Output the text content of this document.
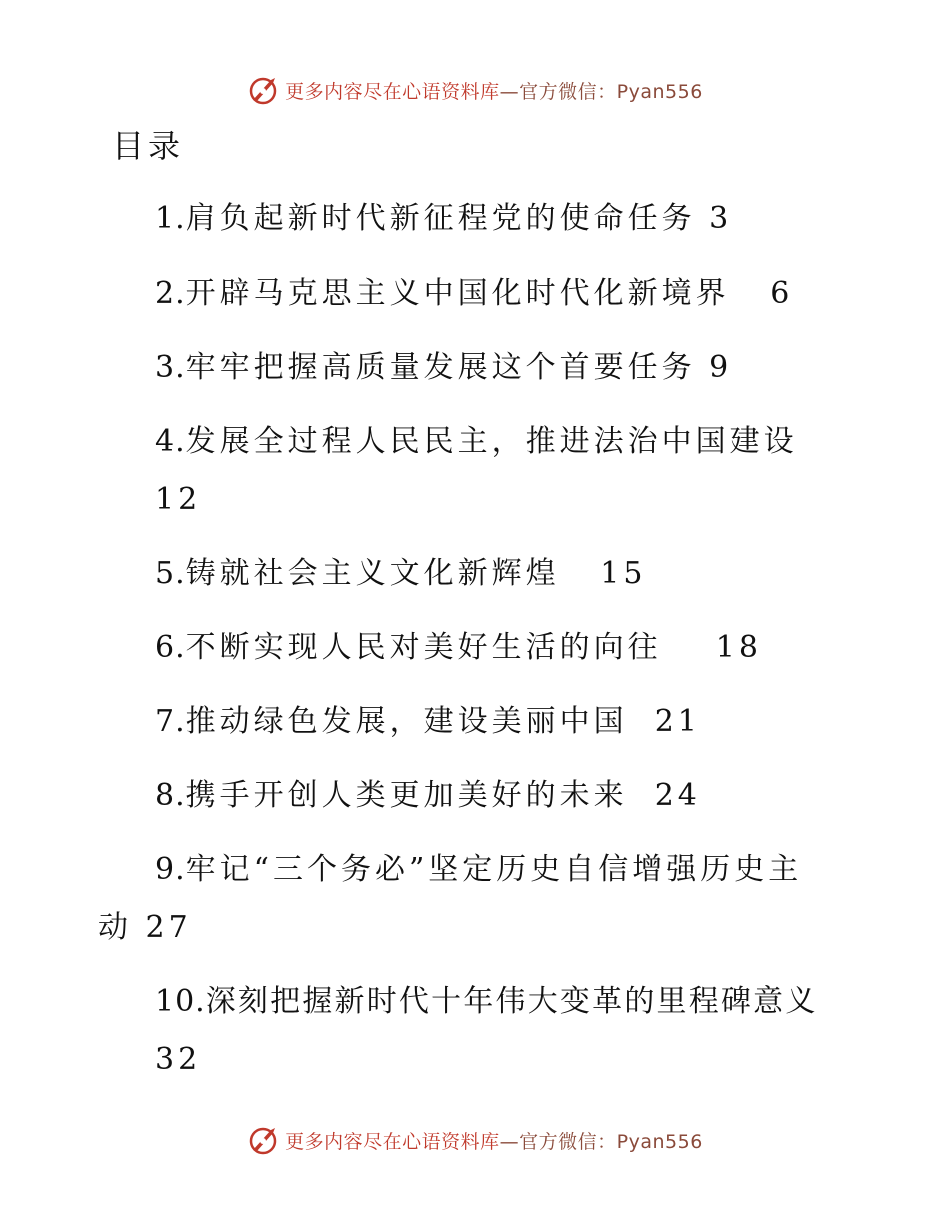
更多内容尽在心语资料库—官方微信：Pyan556
目录
1.肩负起新时代新征程党的使命任务 3
2.开辟马克思主义中国化时代化新境界 6
3.牢牢把握高质量发展这个首要任务 9
4.发展全过程人民民主，推进法治中国建设
12
5.铸就社会主义文化新辉煌 15
6.不断实现人民对美好生活的向往 18
7.推动绿色发展，建设美丽中国 21
8.携手开创人类更加美好的未来 24
9.牢记“三个务必”坚定历史自信增强历史主
动 27
10.深刻把握新时代十年伟大变革的里程碑意义
32
更多内容尽在心语资料库—官方微信：Pyan556
